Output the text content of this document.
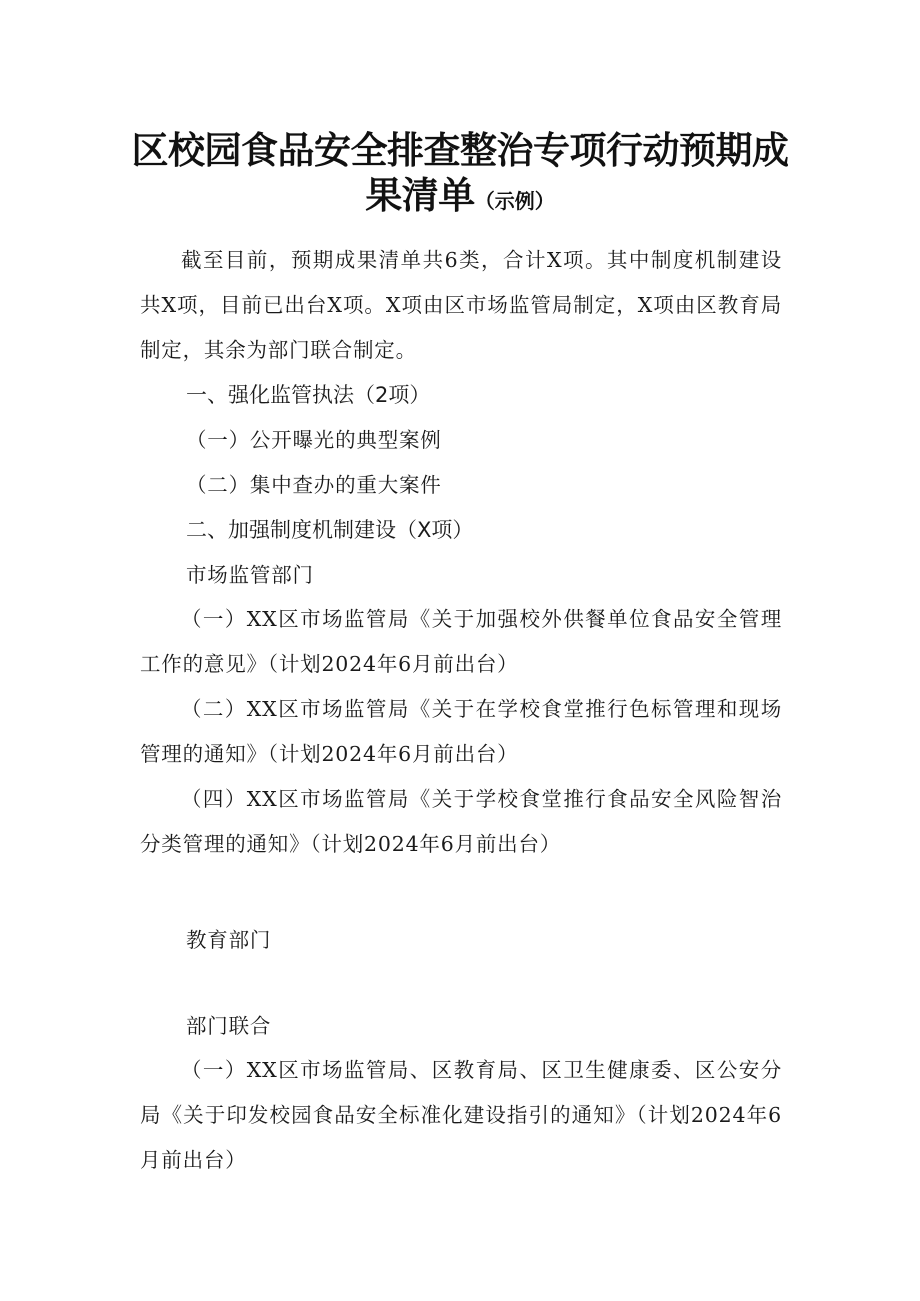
区校园食品安全排查整治专项行动预期成
果清单（示例）

截至目前，预期成果清单共6类，合计X项。其中制度机制建设共X项，目前已出台X项。X项由区市场监管局制定，X项由区教育局制定，其余为部门联合制定。

一、强化监管执法（2项）

（一）公开曝光的典型案例

（二）集中查办的重大案件

二、加强制度机制建设（X项）

市场监管部门

（一）XX区市场监管局《关于加强校外供餐单位食品安全管理工作的意见》（计划2024年6月前出台）

（二）XX区市场监管局《关于在学校食堂推行色标管理和现场管理的通知》（计划2024年6月前出台）

（四）XX区市场监管局《关于学校食堂推行食品安全风险智治分类管理的通知》（计划2024年6月前出台）

教育部门

部门联合

（一）XX区市场监管局、区教育局、区卫生健康委、区公安分局《关于印发校园食品安全标准化建设指引的通知》（计划2024年6月前出台）
